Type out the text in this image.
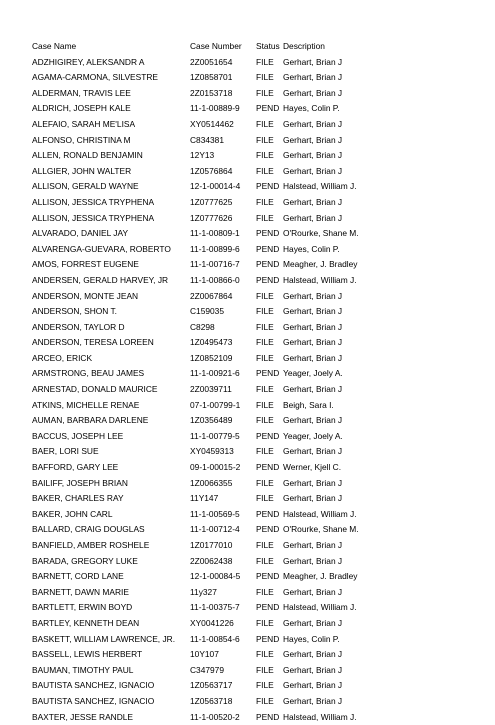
Case Name	Case Number	Status	Description
ADZHIGIREY, ALEKSANDR A	2Z0051654	FILE	Gerhart, Brian J
AGAMA-CARMONA, SILVESTRE	1Z0858701	FILE	Gerhart, Brian J
ALDERMAN, TRAVIS LEE	2Z0153718	FILE	Gerhart, Brian J
ALDRICH, JOSEPH KALE	11-1-00889-9	PEND	Hayes, Colin P.
ALEFAIO, SARAH ME'LISA	XY0514462	FILE	Gerhart, Brian J
ALFONSO, CHRISTINA M	C834381	FILE	Gerhart, Brian J
ALLEN, RONALD BENJAMIN	12Y13	FILE	Gerhart, Brian J
ALLGIER, JOHN WALTER	1Z0576864	FILE	Gerhart, Brian J
ALLISON, GERALD WAYNE	12-1-00014-4	PEND	Halstead, William J.
ALLISON, JESSICA TRYPHENA	1Z0777625	FILE	Gerhart, Brian J
ALLISON, JESSICA TRYPHENA	1Z0777626	FILE	Gerhart, Brian J
ALVARADO, DANIEL JAY	11-1-00809-1	PEND	O'Rourke, Shane M.
ALVARENGA-GUEVARA, ROBERTO	11-1-00899-6	PEND	Hayes, Colin P.
AMOS, FORREST EUGENE	11-1-00716-7	PEND	Meagher, J. Bradley
ANDERSEN, GERALD HARVEY, JR	11-1-00866-0	PEND	Halstead, William J.
ANDERSON, MONTE JEAN	2Z0067864	FILE	Gerhart, Brian J
ANDERSON, SHON T.	C159035	FILE	Gerhart, Brian J
ANDERSON, TAYLOR D	C8298	FILE	Gerhart, Brian J
ANDERSON, TERESA LOREEN	1Z0495473	FILE	Gerhart, Brian J
ARCEO, ERICK	1Z0852109	FILE	Gerhart, Brian J
ARMSTRONG, BEAU JAMES	11-1-00921-6	PEND	Yeager, Joely A.
ARNESTAD, DONALD MAURICE	2Z0039711	FILE	Gerhart, Brian J
ATKINS, MICHELLE RENAE	07-1-00799-1	FILE	Beigh, Sara I.
AUMAN, BARBARA DARLENE	1Z0356489	FILE	Gerhart, Brian J
BACCUS, JOSEPH LEE	11-1-00779-5	PEND	Yeager, Joely A.
BAER, LORI SUE	XY0459313	FILE	Gerhart, Brian J
BAFFORD, GARY LEE	09-1-00015-2	PEND	Werner, Kjell C.
BAILIFF, JOSEPH BRIAN	1Z0066355	FILE	Gerhart, Brian J
BAKER, CHARLES RAY	11Y147	FILE	Gerhart, Brian J
BAKER, JOHN CARL	11-1-00569-5	PEND	Halstead, William J.
BALLARD, CRAIG DOUGLAS	11-1-00712-4	PEND	O'Rourke, Shane M.
BANFIELD, AMBER ROSHELE	1Z0177010	FILE	Gerhart, Brian J
BARADA, GREGORY LUKE	2Z0062438	FILE	Gerhart, Brian J
BARNETT, CORD LANE	12-1-00084-5	PEND	Meagher, J. Bradley
BARNETT, DAWN MARIE	11y327	FILE	Gerhart, Brian J
BARTLETT, ERWIN BOYD	11-1-00375-7	PEND	Halstead, William J.
BARTLEY, KENNETH DEAN	XY0041226	FILE	Gerhart, Brian J
BASKETT, WILLIAM LAWRENCE, JR.	11-1-00854-6	PEND	Hayes, Colin P.
BASSELL, LEWIS HERBERT	10Y107	FILE	Gerhart, Brian J
BAUMAN, TIMOTHY PAUL	C347979	FILE	Gerhart, Brian J
BAUTISTA SANCHEZ, IGNACIO	1Z0563717	FILE	Gerhart, Brian J
BAUTISTA SANCHEZ, IGNACIO	1Z0563718	FILE	Gerhart, Brian J
BAXTER, JESSE RANDLE	11-1-00520-2	PEND	Halstead, William J.
